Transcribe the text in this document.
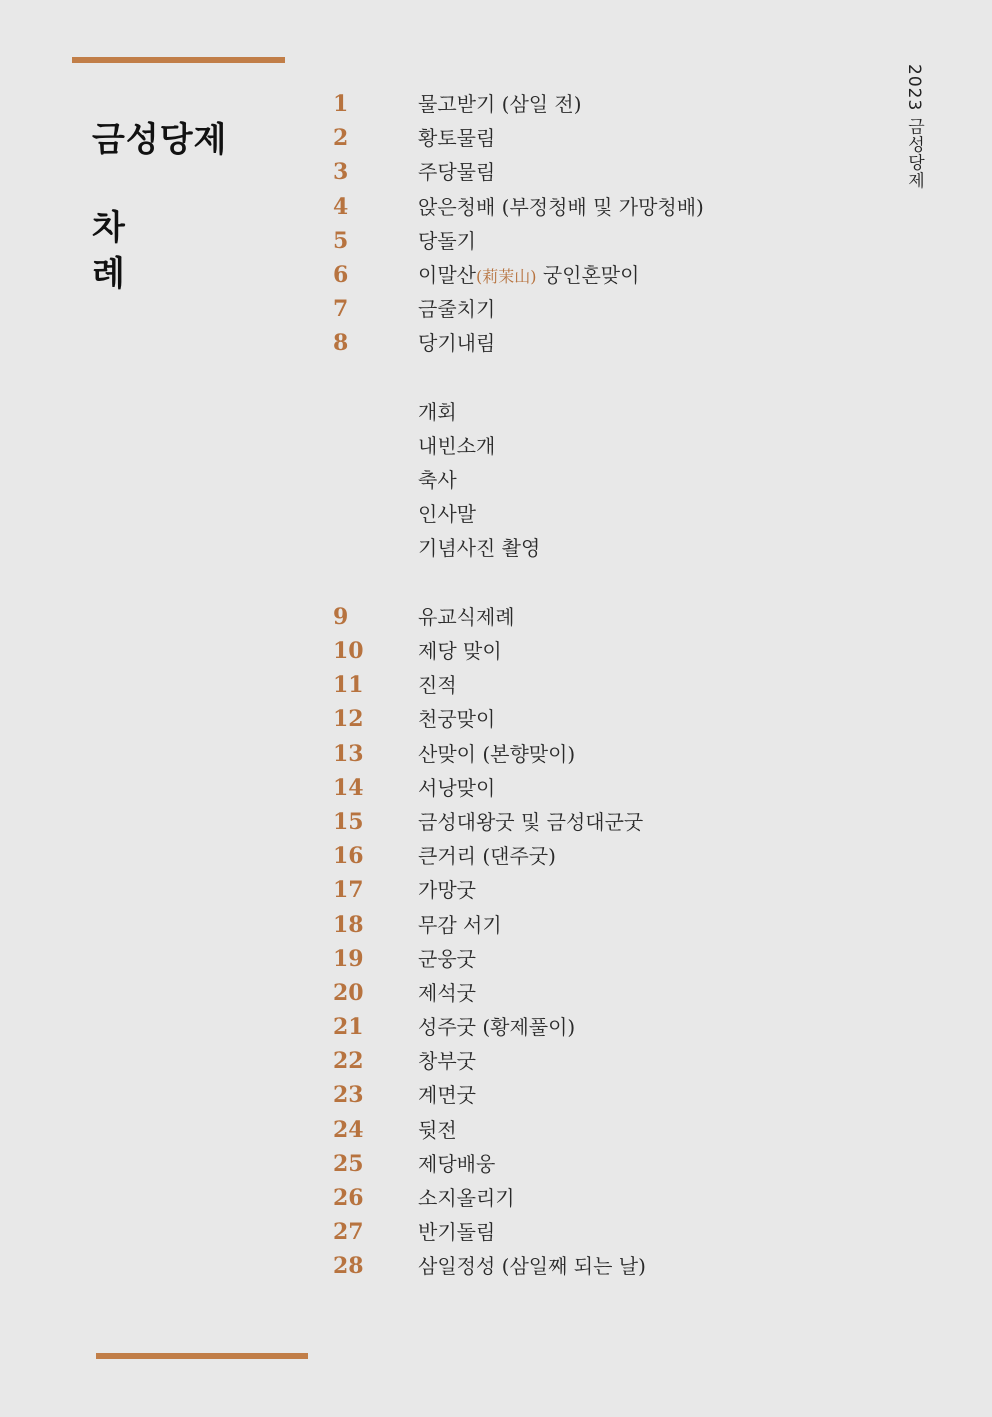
금성당제
차례
2023 금성당제
1	물고받기 (삼일 전)
2	황토물림
3	주당물림
4	앉은청배 (부정청배 및 가망청배)
5	당돌기
6	이말산(莉茉山) 궁인혼맞이
7	금줄치기
8	당기내림
개회
내빈소개
축사
인사말
기념사진 촬영
9	유교식제례
10	제당 맞이
11	진적
12	천궁맞이
13	산맞이 (본향맞이)
14	서낭맞이
15	금성대왕굿 및 금성대군굿
16	큰거리 (댄주굿)
17	가망굿
18	무감 서기
19	군웅굿
20	제석굿
21	성주굿 (황제풀이)
22	창부굿
23	계면굿
24	뒷전
25	제당배웅
26	소지올리기
27	반기돌림
28	삼일정성 (삼일째 되는 날)
